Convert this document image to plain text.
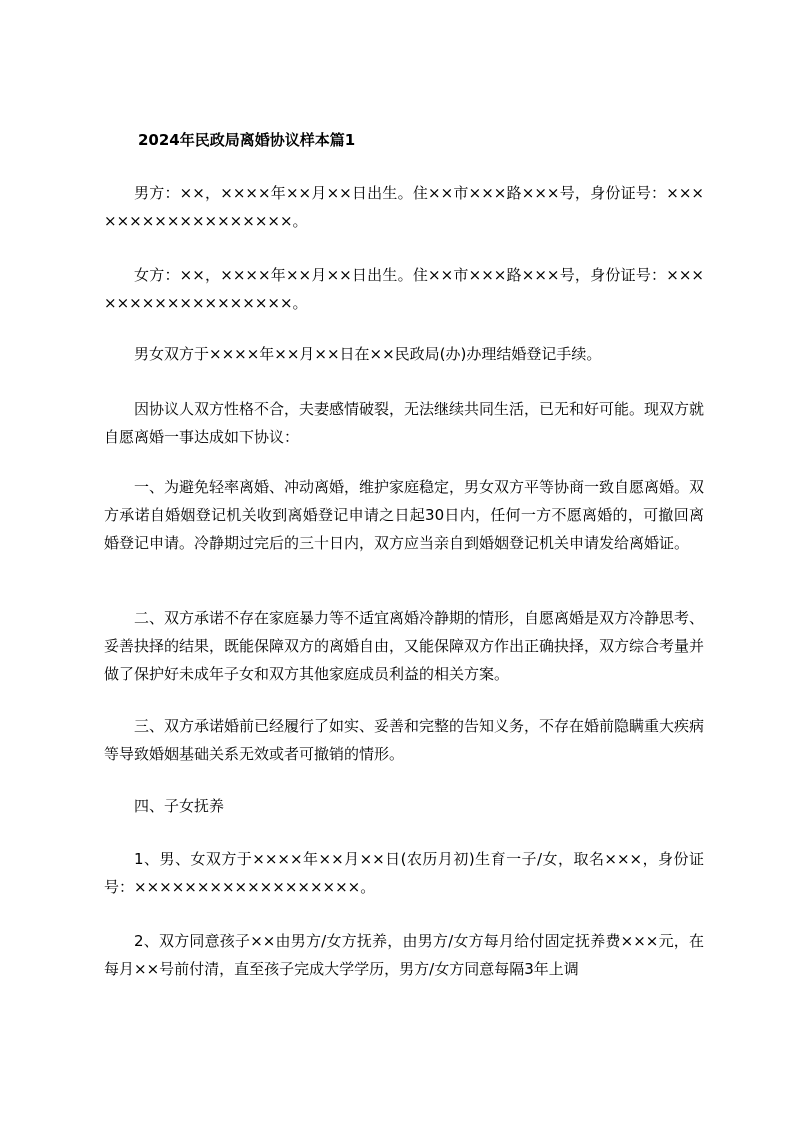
2024年民政局离婚协议样本篇1
男方：××，××××年××月××日出生。住××市×××路×××号，身份证号：××××××××××××××××××。
女方：××，××××年××月××日出生。住××市×××路×××号，身份证号：××××××××××××××××××。
男女双方于××××年××月××日在××民政局(办)办理结婚登记手续。
因协议人双方性格不合，夫妻感情破裂，无法继续共同生活，已无和好可能。现双方就自愿离婚一事达成如下协议：
一、为避免轻率离婚、冲动离婚，维护家庭稳定，男女双方平等协商一致自愿离婚。双方承诺自婚姻登记机关收到离婚登记申请之日起30日内，任何一方不愿离婚的，可撤回离婚登记申请。冷静期过完后的三十日内，双方应当亲自到婚姻登记机关申请发给离婚证。
二、双方承诺不存在家庭暴力等不适宜离婚冷静期的情形，自愿离婚是双方冷静思考、妥善抉择的结果，既能保障双方的离婚自由，又能保障双方作出正确抉择，双方综合考量并做了保护好未成年子女和双方其他家庭成员利益的相关方案。
三、双方承诺婚前已经履行了如实、妥善和完整的告知义务，不存在婚前隐瞒重大疾病等导致婚姻基础关系无效或者可撤销的情形。
四、子女抚养
1、男、女双方于××××年××月××日(农历月初)生育一子/女，取名×××，身份证号：××××××××××××××××××。
2、双方同意孩子××由男方/女方抚养，由男方/女方每月给付固定抚养费×××元，在每月××号前付清，直至孩子完成大学学历，男方/女方同意每隔3年上调
